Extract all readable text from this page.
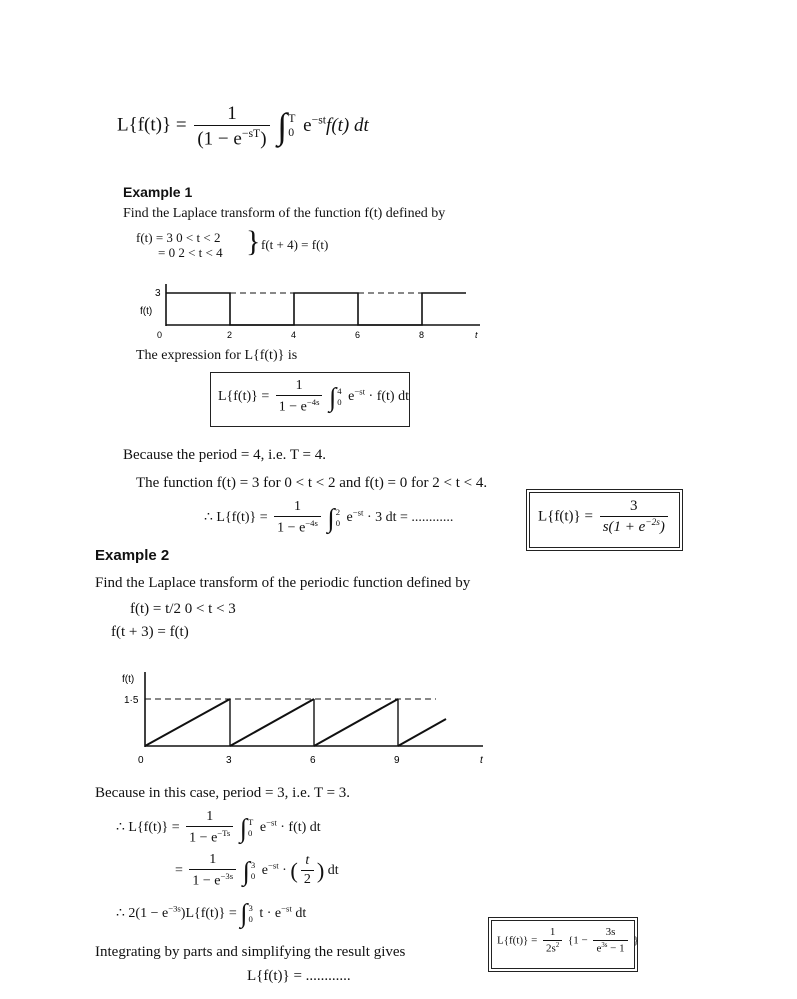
$L\{f(t)\} = \frac{1}{(1 - e^{-sT})}$
∫ T
0 $e^{-st}f(t)$ dt
Example 1
Find the Laplace transform of the function f(t) defined by
f(t) = 3 0 < t < 2
= 0 2 < t < 4 } f(t + 4) = f(t)
3
f(t)
0	2	4	6	8	t
The expression for L{f(t)} is
$L\{f(t)\} = \frac{1}{1 - e^{-4s}}$
∫ 4
0 $e^{-st} \cdot f(t)$ dt
Because the period = 4, i.e. T = 4.
The function f(t) = 3 for 0 < t < 2 and f(t) = 0 for 2 < t < 4.
∴ $L\{f(t)\} = \frac{1}{1 - e^{-4s}}$
∫ 2
0 $e^{-st} \cdot 3$ dt = ............	$L\{f(t)\} = \frac{3}{s(1 + e^{-2s})}$
Example 2
Find the Laplace transform of the periodic function defined by
f(t) = t/2 0 < t < 3
f(t + 3) = f(t)
f(t)
1·5
0	3	6	9	t
Because in this case, period = 3, i.e. T = 3.
∴ $L\{f(t)\} = \frac{1}{1 - e^{-Ts}}$
∫ T
0 $e^{-st} \cdot f(t)$ dt
= $\frac{1}{1 - e^{-3s}}$
∫ 3
0 $e^{-st}$ · ( $\frac{t}{2}$ ) dt
∴ $2(1 - e^{-3s})L\{f(t)\}$ = ∫ 3
0 $t \cdot e^{-st}$ dt
Integrating by parts and simplifying the result gives
L{f(t)} = ............
$L\{f(t)\} = \frac{1}{2s^2} \{1 - \frac{3s}{e^{3s} - 1}$ }
